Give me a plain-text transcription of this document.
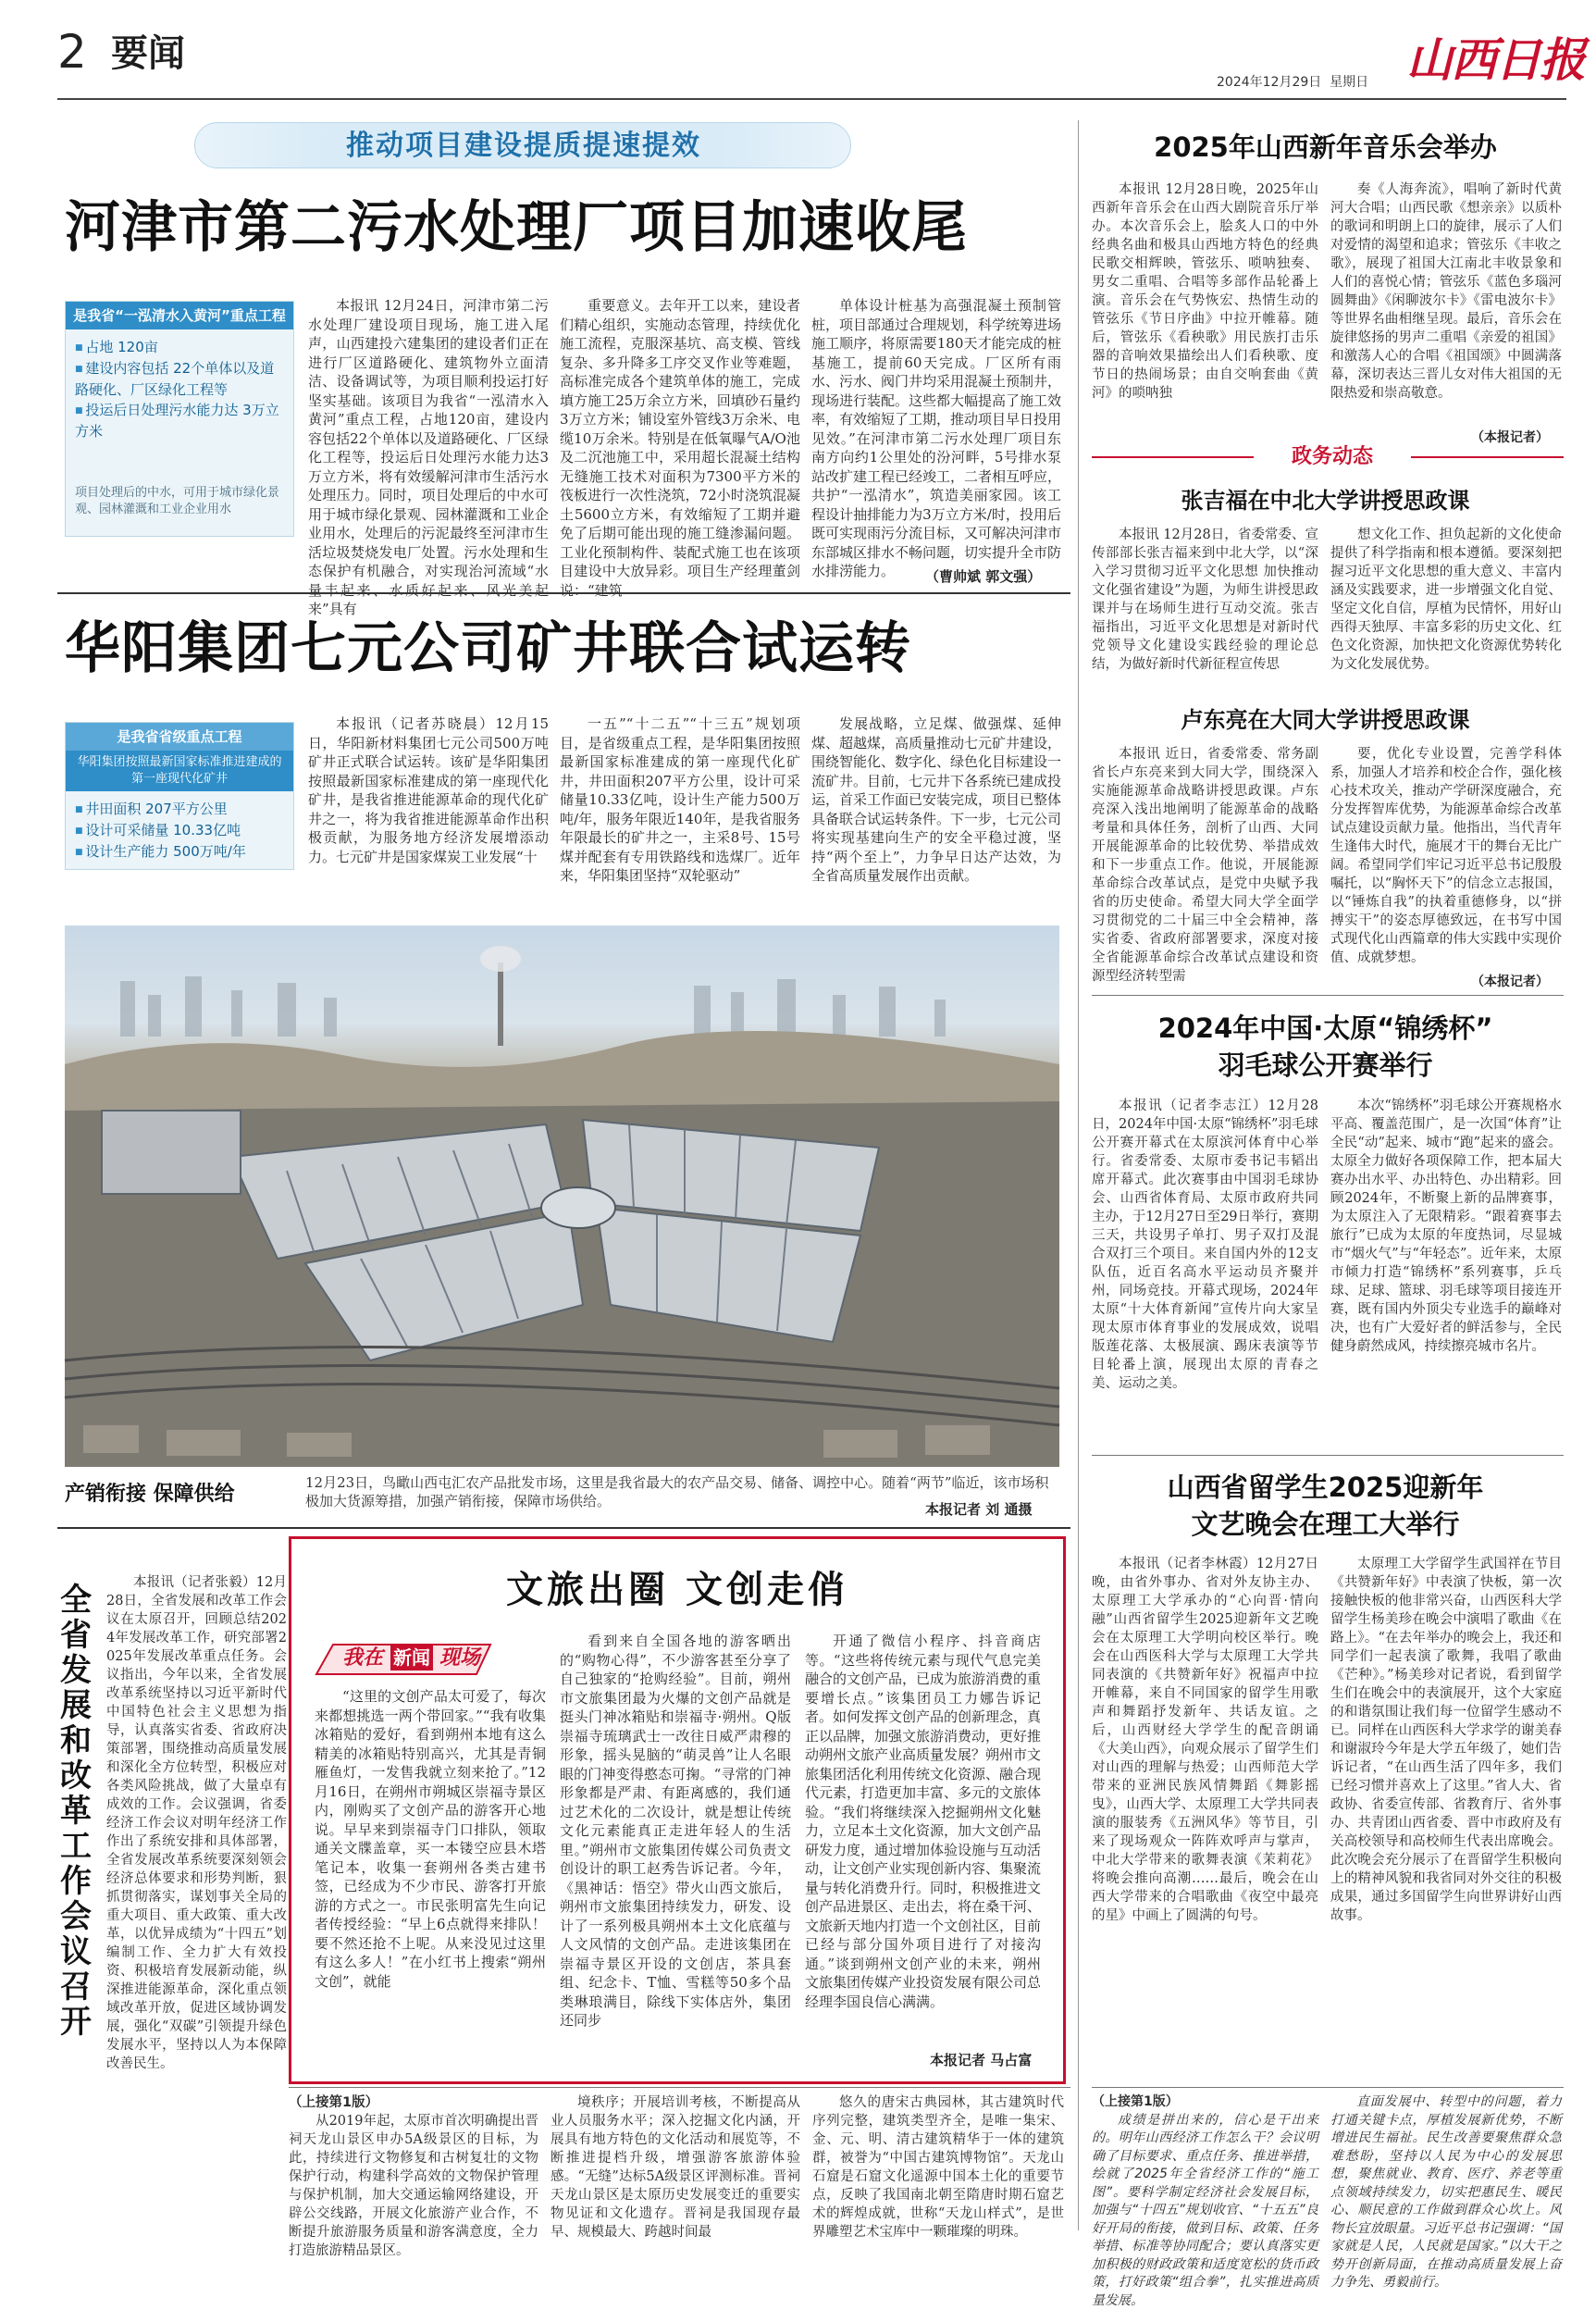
2 要闻
2024年12月29日 星期日 山西日报
推动项目建设提质提速提效
河津市第二污水处理厂项目加速收尾
是我省“一泓清水入黄河”重点工程
■ 占地 120亩
■ 建设内容包括 22个单体以及道路硬化、厂区绿化工程等
■ 投运后日处理污水能力达 3万立方米
项目处理后的中水，可用于城市绿化景观、园林灌溉和工业企业用水

本报讯 12月24日，河津市第二污水处理厂建设项目现场，施工进入尾声，山西建投六建集团的建设者们正在进行厂区道路硬化、建筑物外立面清洁、设备调试等，为项目顺利投运打好坚实基础。该项目为我省“一泓清水入黄河”重点工程，占地120亩，建设内容包括22个单体以及道路硬化、厂区绿化工程等，投运后日处理污水能力达3万立方米，将有效缓解河津市生活污水处理压力。同时，项目处理后的中水可用于城市绿化景观、园林灌溉和工业企业用水，处理后的污泥最终至河津市生活垃圾焚烧发电厂处置。污水处理和生态保护有机融合，对实现治河流域“水量丰起来、水质好起来、风光美起来”具有

重要意义。去年开工以来，建设者们精心组织，实施动态管理，持续优化施工流程，克服深基坑、高支模、管线复杂、多升降多工序交叉作业等难题，高标准完成各个建筑单体的施工，完成填方施工25万余立方米，回填砂石量约3万立方米；铺设室外管线3万余米、电缆10万余米。特别是在低氧曝气A/O池及二沉池施工中，采用超长混凝土结构无缝施工技术对面积为7300平方米的筏板进行一次性浇筑，72小时浇筑混凝土5600立方米，有效缩短了工期并避免了后期可能出现的施工缝渗漏问题。工业化预制构件、装配式施工也在该项目建设中大放异彩。项目生产经理董剑说：“建筑

单体设计桩基为高强混凝土预制管桩，项目部通过合理规划，科学统筹进场施工顺序，将原需要180天才能完成的桩基施工，提前60天完成。厂区所有雨水、污水、阀门井均采用混凝土预制井，现场进行装配。这些都大幅提高了施工效率，有效缩短了工期，推动项目早日投用见效。”在河津市第二污水处理厂项目东南方向约1公里处的汾河畔，5号排水泵站改扩建工程已经竣工，二者相互呼应，共护“一泓清水”，筑造美丽家园。该工程设计抽排能力为3万立方米/时，投用后既可实现雨污分流目标，又可解决河津市东部城区排水不畅问题，切实提升全市防水排涝能力。	（曹帅斌 郭文强）
华阳集团七元公司矿井联合试运转
是我省省级重点工程
华阳集团按照最新国家标准推进建成的第一座现代化矿井
■ 井田面积 207平方公里
■ 设计可采储量 10.33亿吨
■ 设计生产能力 500万吨/年

本报讯（记者苏晓晨）12月15日，华阳新材料集团七元公司500万吨矿井正式联合试运转。该矿是华阳集团按照最新国家标准建成的第一座现代化矿井，是我省推进能源革命的现代化矿井之一，将为我省推进能源革命作出积极贡献，为服务地方经济发展增添动力。七元矿井是国家煤炭工业发展“十

一五”“十二五”“十三五”规划项目，是省级重点工程，是华阳集团按照最新国家标准建成的第一座现代化矿井，井田面积207平方公里，设计可采储量10.33亿吨，设计生产能力500万吨/年，服务年限近140年，是我省服务年限最长的矿井之一，主采8号、15号煤并配套有专用铁路线和选煤厂。近年来，华阳集团坚持“双轮驱动”

发展战略，立足煤、做强煤、延伸煤、超越煤，高质量推动七元矿井建设，围绕智能化、数字化、绿色化目标建设一流矿井。目前，七元井下各系统已建成投运，首采工作面已安装完成，项目已整体具备联合试运转条件。下一步，七元公司将实现基建向生产的安全平稳过渡，坚持“两个至上”，力争早日达产达效，为全省高质量发展作出贡献。

产销衔接 保障供给	12月23日，鸟瞰山西屯汇农产品批发市场，这里是我省最大的农产品交易、储备、调控中心。随着“两节”临近，该市场积极加大货源筹措，加强产销衔接，保障市场供给。	本报记者 刘 通摄
全省发展和改革工作会议召开

本报讯（记者张毅）12月28日，全省发展和改革工作会议在太原召开，回顾总结2024年发展改革工作，研究部署2025年发展改革重点任务。会议指出，今年以来，全省发展改革系统坚持以习近平新时代中国特色社会主义思想为指导，认真落实省委、省政府决策部署，围绕推动高质量发展和深化全方位转型，积极应对各类风险挑战，做了大量卓有成效的工作。会议强调，省委经济工作会议对明年经济工作作出了系统安排和具体部署，全省发展改革系统要深刻领会经济总体要求和形势判断，狠抓贯彻落实，谋划事关全局的重大项目、重大政策、重大改革，以优异成绩为“十四五”划编制工作、全力扩大有效投资、积极培育发展新动能，纵深推进能源革命，深化重点领域改革开放，促进区域协调发展，强化“双碳”引领提升绿色发展水平，坚持以人为本保障改善民生。

文旅出圈 文创走俏
我在 新闻 现场

“这里的文创产品太可爱了，每次来都想挑选一两个带回家。”“我有收集冰箱贴的爱好，看到朔州本地有这么精美的冰箱贴特别高兴，尤其是青铜雁鱼灯，一发售我就立刻来抢了。”12月16日，在朔州市朔城区崇福寺景区内，刚购买了文创产品的游客开心地说。早早来到崇福寺门口排队，领取通关文牒盖章，买一本镂空应县木塔笔记本，收集一套朔州各类古建书签，已经成为不少市民、游客打开旅游的方式之一。市民张明富先生向记者传授经验：“早上6点就得来排队！要不然还抢不上呢。从来没见过这里有这么多人！”在小红书上搜索“朔州文创”，就能

看到来自全国各地的游客晒出的“购物心得”，不少游客甚至分享了自己独家的“抢购经验”。目前，朔州市文旅集团最为火爆的文创产品就是挺头门神冰箱贴和崇福寺·朔州。Q版崇福寺琉璃武士一改往日威严肃穆的形象，摇头晃脑的“萌灵兽”让人名眼眼的门神变得憨态可掬。“寻常的门神形象都是严肃、有距离感的，我们通过艺术化的二次设计，就是想让传统文化元素能真正走进年轻人的生活里。”朔州市文旅集团传媒公司负责文创设计的职工赵秀告诉记者。今年，《黑神话：悟空》带火山西文旅后，朔州市文旅集团持续发力，研发、设计了一系列极具朔州本土文化底蕴与人文风情的文创产品。走进该集团在崇福寺景区开设的文创店，茶具套组、纪念卡、T恤、雪糕等50多个品类琳琅满目，除线下实体店外，集团还同步

开通了微信小程序、抖音商店等。“这些将传统元素与现代气息完美融合的文创产品，已成为旅游消费的重要增长点。”该集团员工力娜告诉记者。如何发挥文创产品的创新理念，真正以品牌，加强文旅游消费动，更好推动朔州文旅产业高质量发展？朔州市文旅集团活化利用传统文化资源、融合现代元素，打造更加丰富、多元的文旅体验。“我们将继续深入挖掘朔州文化魅力，立足本土文化资源，加大文创产品研发力度，通过增加体验设施与互动活动，让文创产业实现创新内容、集聚流量与转化消费升行。同时，积极推进文创产品进景区、走出去，将在桑干河、文旅新天地内打造一个文创社区，目前已经与部分国外项目进行了对接沟通。”谈到朔州文创产业的未来，朔州文旅集团传媒产业投资发展有限公司总经理李国良信心满满。

本报记者 马占富
（上接第1版）

从2019年起，太原市首次明确提出晋祠天龙山景区申办5A级景区的目标，为此，持续进行文物修复和古树复壮的文物保护行动，构建科学高效的文物保护管理与保护机制，加大交通运输网络建设，开辟公交线路，开展文化旅游产业合作，不断提升旅游服务质量和游客满意度，全力打造旅游精品景区。

境秩序；开展培训考核，不断提高从业人员服务水平；深入挖掘文化内涵，开展具有地方特色的文化活动和展览等，不断推进提档升级，增强游客旅游体验感。“无缝”达标5A级景区评测标准。晋祠天龙山景区是太原历史发展变迁的重要实物见证和文化遗存。晋祠是我国现存最早、规模最大、跨越时间最

悠久的唐宋古典园林，其古建筑时代序列完整，建筑类型齐全，是唯一集宋、金、元、明、清古建筑精华于一体的建筑群，被誉为“中国古建筑博物馆”。天龙山石窟是石窟文化遥源中国本土化的重要节点，反映了我国南北朝至隋唐时期石窟艺术的辉煌成就，世称“天龙山样式”，是世界雕塑艺术宝库中一颗璀璨的明珠。

2025年山西新年音乐会举办

本报讯 12月28日晚，2025年山西新年音乐会在山西大剧院音乐厅举办。本次音乐会上，脍炙人口的中外经典名曲和极具山西地方特色的经典民歌交相辉映，管弦乐、唢呐独奏、男女二重唱、合唱等多部作品轮番上演。音乐会在气势恢宏、热情生动的管弦乐《节日序曲》中拉开帷幕。随后，管弦乐《看秧歌》用民族打击乐器的音响效果描绘出人们看秧歌、度节日的热闹场景；由自交响套曲《黄河》的唢呐独

奏《人海奔流》，唱响了新时代黄河大合唱；山西民歌《想亲亲》以质朴的歌词和明朗上口的旋律，展示了人们对爱情的渴望和追求；管弦乐《丰收之歌》，展现了祖国大江南北丰收景象和人们的喜悦心情；管弦乐《蓝色多瑙河圆舞曲》《闲聊波尔卡》《雷电波尔卡》等世界名曲相继呈现。最后，音乐会在旋律悠扬的男声二重唱《亲爱的祖国》和激荡人心的合唱《祖国颂》中圆满落幕，深切表达三晋儿女对伟大祖国的无限热爱和崇高敬意。

（本报记者）
政务动态
张吉福在中北大学讲授思政课

本报讯 12月28日，省委常委、宣传部部长张吉福来到中北大学，以“深入学习贯彻习近平文化思想 加快推动文化强省建设”为题，为师生讲授思政课并与在场师生进行互动交流。张吉福指出，习近平文化思想是对新时代党领导文化建设实践经验的理论总结，为做好新时代新征程宣传思

想文化工作、担负起新的文化使命提供了科学指南和根本遵循。要深刻把握习近平文化思想的重大意义、丰富内涵及实践要求，进一步增强文化自觉、坚定文化自信，厚植为民情怀，用好山西得天独厚、丰富多彩的历史文化、红色文化资源，加快把文化资源优势转化为文化发展优势。

卢东亮在大同大学讲授思政课

本报讯 近日，省委常委、常务副省长卢东亮来到大同大学，围绕深入实施能源革命战略讲授思政课。卢东亮深入浅出地阐明了能源革命的战略考量和具体任务，剖析了山西、大同开展能源革命的比较优势、举措成效和下一步重点工作。他说，开展能源革命综合改革试点，是党中央赋予我省的历史使命。希望大同大学全面学习贯彻党的二十届三中全会精神，落实省委、省政府部署要求，深度对接全省能源革命综合改革试点建设和资源型经济转型需

要，优化专业设置，完善学科体系，加强人才培养和校企合作，强化核心技术攻关，推动产学研深度融合，充分发挥智库优势，为能源革命综合改革试点建设贡献力量。他指出，当代青年生逢伟大时代，施展才干的舞台无比广阔。希望同学们牢记习近平总书记殷殷嘱托，以“胸怀天下”的信念立志报国，以“锤炼自我”的执着重德修身，以“拼搏实干”的姿态厚德致远，在书写中国式现代化山西篇章的伟大实践中实现价值、成就梦想。

（本报记者）
2024年中国·太原“锦绣杯”
羽毛球公开赛举行

本报讯（记者李志江）12月28日，2024年中国·太原“锦绣杯”羽毛球公开赛开幕式在太原滨河体育中心举行。省委常委、太原市委书记韦韬出席开幕式。此次赛事由中国羽毛球协会、山西省体育局、太原市政府共同主办，于12月27日至29日举行，赛期三天，共设男子单打、男子双打及混合双打三个项目。来自国内外的12支队伍，近百名高水平运动员齐聚并州，同场竞技。开幕式现场，2024年太原“十大体育新闻”宣传片向大家呈现太原市体育事业的发展成效，说唱版莲花落、太极展演、踢床表演等节目轮番上演，展现出太原的青春之美、运动之美。

本次“锦绣杯”羽毛球公开赛规格水平高、覆盖范围广，是一次国“体育”让全民“动”起来、城市“跑”起来的盛会。太原全力做好各项保障工作，把本届大赛办出水平、办出特色、办出精彩。回顾2024年，不断聚上新的品牌赛事，为太原注入了无限精彩。“跟着赛事去旅行”已成为太原的年度热词，尽显城市“烟火气”与“年轻态”。近年来，太原市倾力打造“锦绣杯”系列赛事，乒乓球、足球、篮球、羽毛球等项目接连开赛，既有国内外顶尖专业选手的巅峰对决，也有广大爱好者的鲜活参与，全民健身蔚然成风，持续擦亮城市名片。

山西省留学生2025迎新年
文艺晚会在理工大举行

本报讯（记者李林霞）12月27日晚，由省外事办、省对外友协主办、太原理工大学承办的“心向晋·情向融”山西省留学生2025迎新年文艺晚会在太原理工大学明向校区举行。晚会在山西医科大学与太原理工大学共同表演的《共赞新年好》祝福声中拉开帷幕，来自不同国家的留学生用歌声和舞蹈抒发新年、共话友谊。之后，山西财经大学学生的配音朗诵《大美山西》，向观众展示了留学生们对山西的理解与热爱；山西师范大学带来的亚洲民族风情舞蹈《舞影摇曳》，山西大学、太原理工大学共同表演的服装秀《五洲风华》等节目，引来了现场观众一阵阵欢呼声与掌声，中北大学带来的歌舞表演《茉莉花》将晚会推向高潮……最后，晚会在山西大学带来的合唱歌曲《夜空中最亮的星》中画上了圆满的句号。

太原理工大学留学生武国祥在节目《共赞新年好》中表演了快板，第一次接触快板的他非常兴奋，山西医科大学留学生杨美珍在晚会中演唱了歌曲《在路上》。“在去年举办的晚会上，我还和同学们一起表演了歌舞，我唱了歌曲《芒种》。”杨美珍对记者说，看到留学生们在晚会中的表演展开，这个大家庭的和谐氛围让我们每一位留学生感动不已。同样在山西医科大学求学的谢美春和谢淑玲今年是大学五年级了，她们告诉记者，“在山西生活了四年多，我们已经习惯并喜欢上了这里。”省人大、省政协、省委宣传部、省教育厅、省外事办、共青团山西省委、晋中市政府及有关高校领导和高校师生代表出席晚会。此次晚会充分展示了在晋留学生积极向上的精神风貌和我省同对外交往的积极成果，通过多国留学生向世界讲好山西故事。

（上接第1版）

成绩是拼出来的，信心是干出来的。明年山西经济工作怎么干？会议明确了目标要求、重点任务、推进举措，绘就了2025年全省经济工作的“施工图”。要科学制定经济社会发展目标，加强与“十四五”规划收官、“十五五”良好开局的衔接，做到目标、政策、任务举措、标准等协同配合；要认真落实更加积极的财政政策和适度宽松的货币政策，打好政策“组合拳”，扎实推进高质量发展。

直面发展中、转型中的问题，着力打通关键卡点，厚植发展新优势，不断增进民生福祉。民生改善要聚焦群众急难愁盼，坚持以人民为中心的发展思想，聚焦就业、教育、医疗、养老等重点领域持续发力，切实把惠民生、暖民心、顺民意的工作做到群众心坎上。风物长宜放眼量。习近平总书记强调：“国家就是人民，人民就是国家。”以大干之势开创新局面，在推动高质量发展上奋力争先、勇毅前行。
